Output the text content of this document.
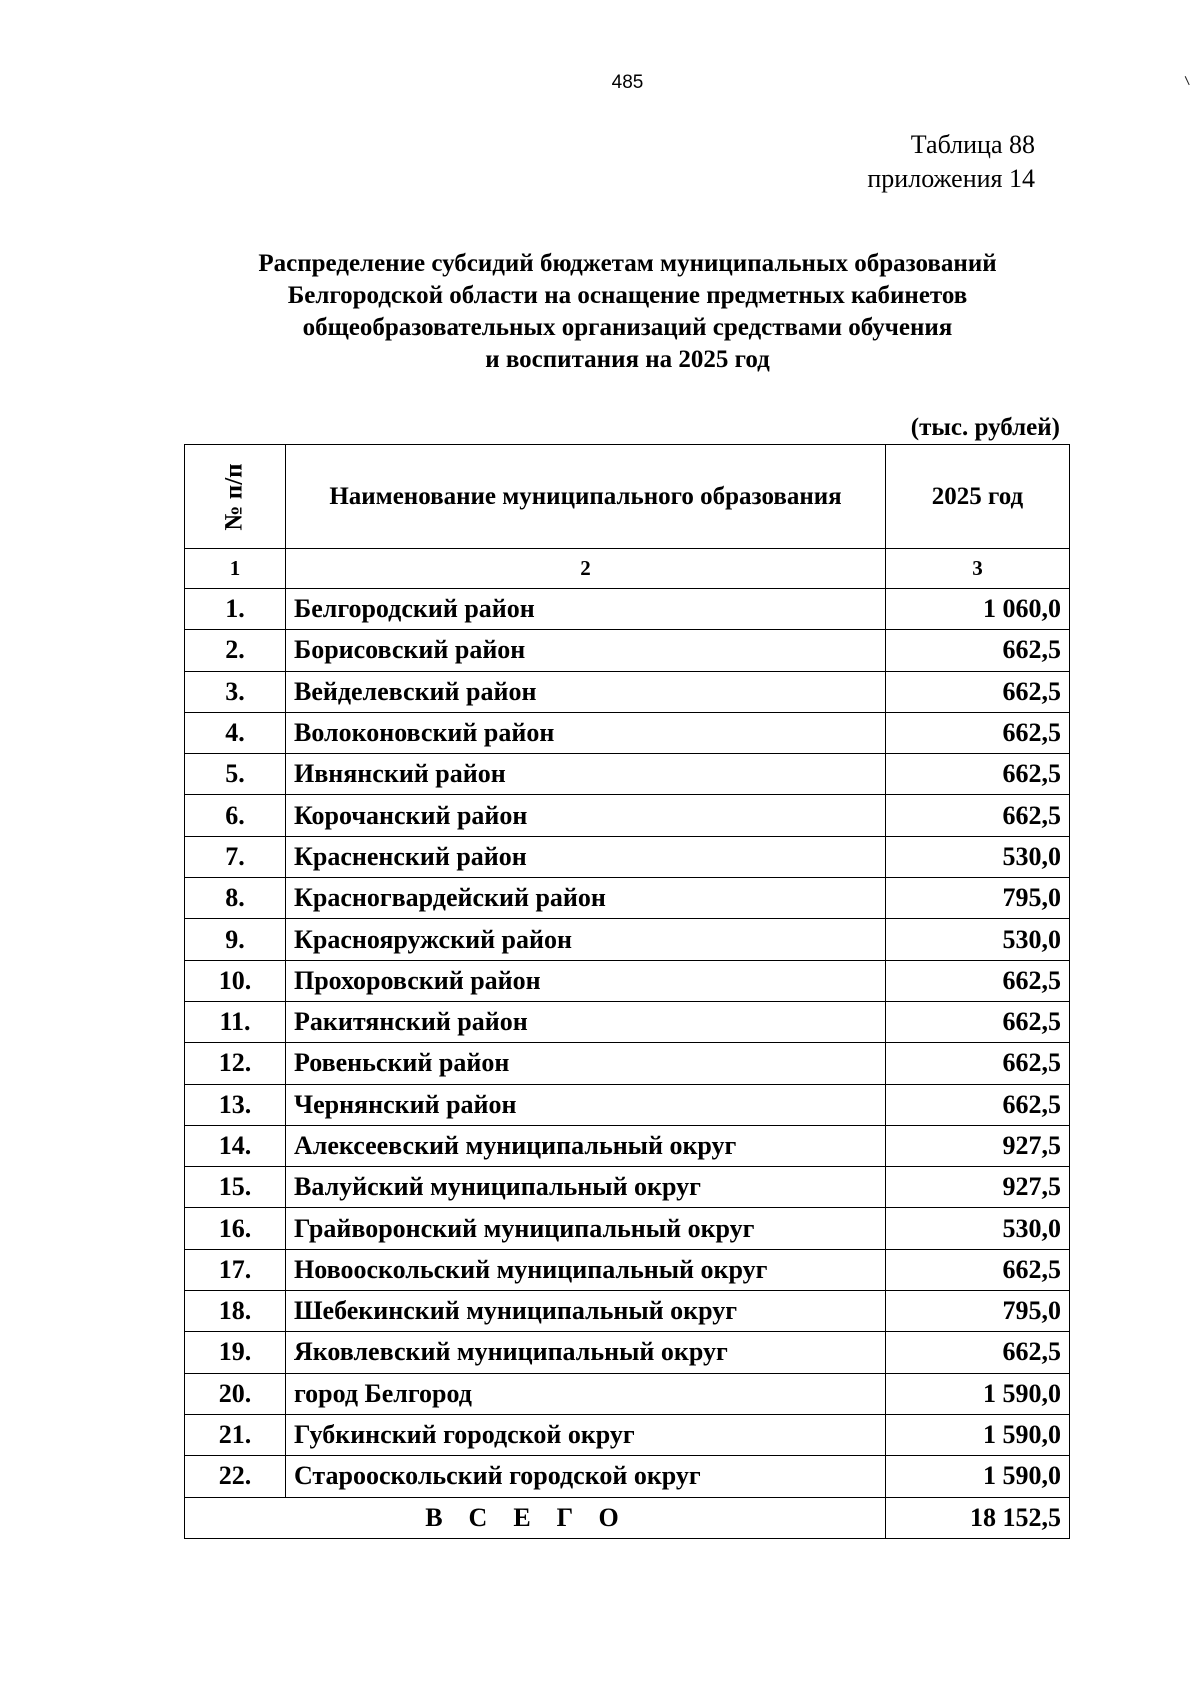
485
Таблица 88
приложения 14
Распределение субсидий бюджетам муниципальных образований
Белгородской области на оснащение предметных кабинетов
общеобразовательных организаций средствами обучения
и воспитания на 2025 год
(тыс. рублей)
№ п/п	Наименование муниципального образования	2025 год
1	2	3
1.	Белгородский район	1 060,0
2.	Борисовский район	662,5
3.	Вейделевский район	662,5
4.	Волоконовский район	662,5
5.	Ивнянский район	662,5
6.	Корочанский район	662,5
7.	Красненский район	530,0
8.	Красногвардейский район	795,0
9.	Краснояружский район	530,0
10.	Прохоровский район	662,5
11.	Ракитянский район	662,5
12.	Ровеньский район	662,5
13.	Чернянский район	662,5
14.	Алексеевский муниципальный округ	927,5
15.	Валуйский муниципальный округ	927,5
16.	Грайворонский муниципальный округ	530,0
17.	Новооскольский муниципальный округ	662,5
18.	Шебекинский муниципальный округ	795,0
19.	Яковлевский муниципальный округ	662,5
20.	город Белгород	1 590,0
21.	Губкинский городской округ	1 590,0
22.	Старооскольский городской округ	1 590,0
ВСЕГО		18 152,5
⸜
